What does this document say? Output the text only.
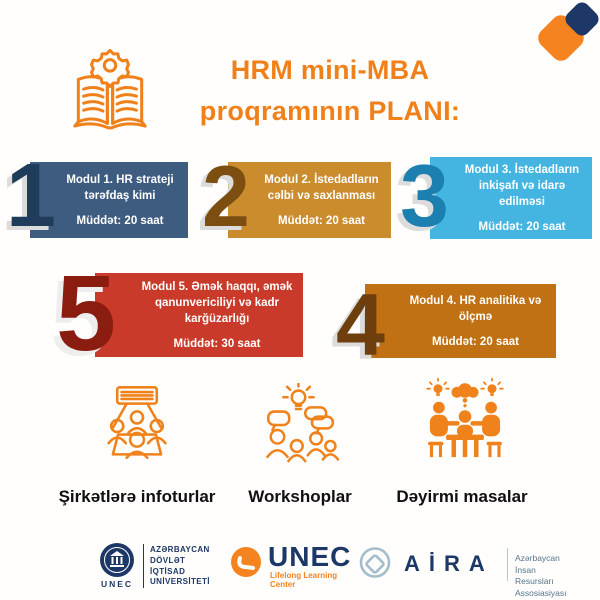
HRM mini-MBA
proqramının PLANI:
1 Modul 1. HR strateji tərəfdaş kimi
Müddət: 20 saat 2	Modul 2. İstedadların cəlbi və saxlanması
Müddət: 20 saat 3	Modul 3. İstedadların inkişafı və idarə edilməsi
Müddət: 20 saat
5 Modul 5. Əmək haqqı, əmək qanunvericiliyi və kadr karğüzarlığı
Müddət: 30 saat 4	Modul 4. HR analitika və ölçmə
Müddət: 20 saat
Şirkətlərə infoturlar	Workshoplar	Dəyirmi masalar
UNEC
AZƏRBAYCAN
DÖVLƏT
İQTİSAD
UNİVERSİTETİ
UNEC
Lifelong Learning Center
AİRA Azərbaycan İnsan
Resursları Assosiasiyası
